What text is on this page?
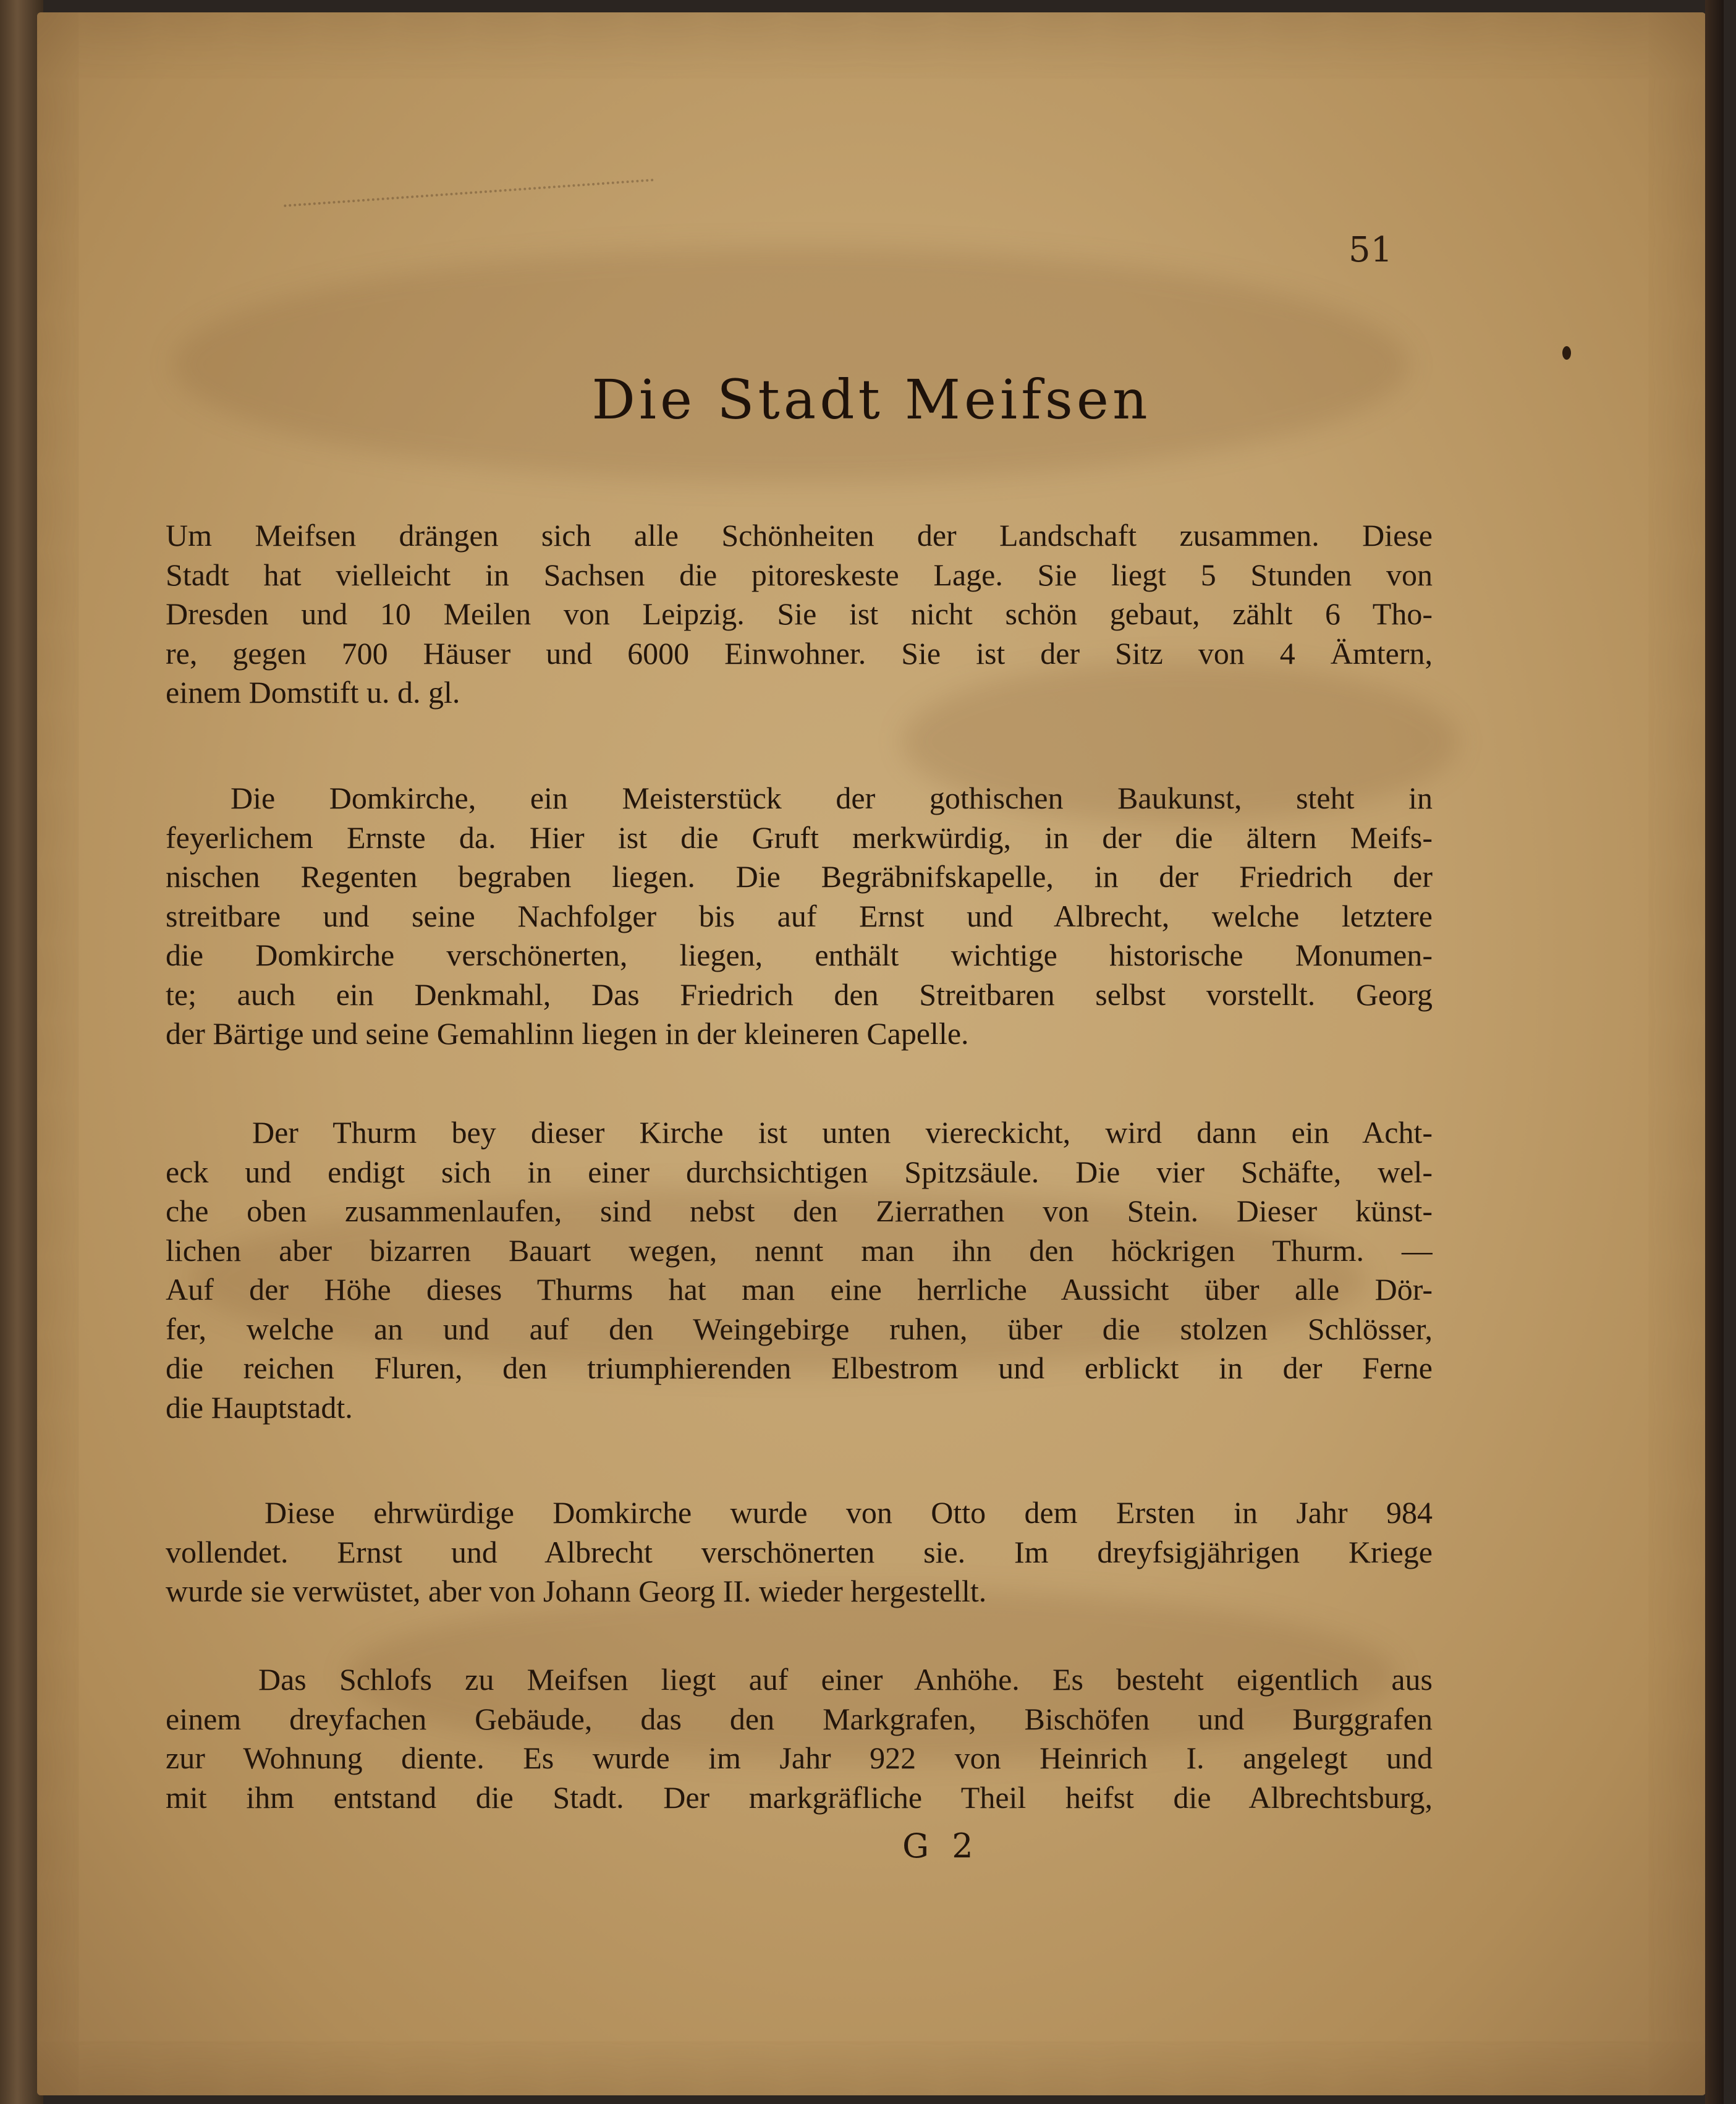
51

Die Stadt Meifsen
Um Meifsen drängen sich alle Schönheiten der Landschaft zusammen. Diese
Stadt hat vielleicht in Sachsen die pitoreskeste Lage. Sie liegt 5 Stunden von
Dresden und 10 Meilen von Leipzig. Sie ist nicht schön gebaut, zählt 6 Tho-
re, gegen 700 Häuser und 6000 Einwohner. Sie ist der Sitz von 4 Ämtern,
einem Domstift u. d. gl.
Die Domkirche, ein Meisterstück der gothischen Baukunst, steht in
feyerlichem Ernste da. Hier ist die Gruft merkwürdig, in der die ältern Meifs-
nischen Regenten begraben liegen. Die Begräbnifskapelle, in der Friedrich der
streitbare und seine Nachfolger bis auf Ernst und Albrecht, welche letztere
die Domkirche verschönerten, liegen, enthält wichtige historische Monumen-
te; auch ein Denkmahl, Das Friedrich den Streitbaren selbst vorstellt. Georg
der Bärtige und seine Gemahlinn liegen in der kleineren Capelle.
Der Thurm bey dieser Kirche ist unten viereckicht, wird dann ein Acht-
eck und endigt sich in einer durchsichtigen Spitzsäule. Die vier Schäfte, wel-
che oben zusammenlaufen, sind nebst den Zierrathen von Stein. Dieser künst-
lichen aber bizarren Bauart wegen, nennt man ihn den höckrigen Thurm. —
Auf der Höhe dieses Thurms hat man eine herrliche Aussicht über alle Dör-
fer, welche an und auf den Weingebirge ruhen, über die stolzen Schlösser,
die reichen Fluren, den triumphierenden Elbestrom und erblickt in der Ferne
die Hauptstadt.
Diese ehrwürdige Domkirche wurde von Otto dem Ersten in Jahr 984
vollendet. Ernst und Albrecht verschönerten sie. Im dreyfsigjährigen Kriege
wurde sie verwüstet, aber von Johann Georg II. wieder hergestellt.
Das Schlofs zu Meifsen liegt auf einer Anhöhe. Es besteht eigentlich aus
einem dreyfachen Gebäude, das den Markgrafen, Bischöfen und Burggrafen
zur Wohnung diente. Es wurde im Jahr 922 von Heinrich I. angelegt und
mit ihm entstand die Stadt. Der markgräfliche Theil heifst die Albrechtsburg,

G 2
